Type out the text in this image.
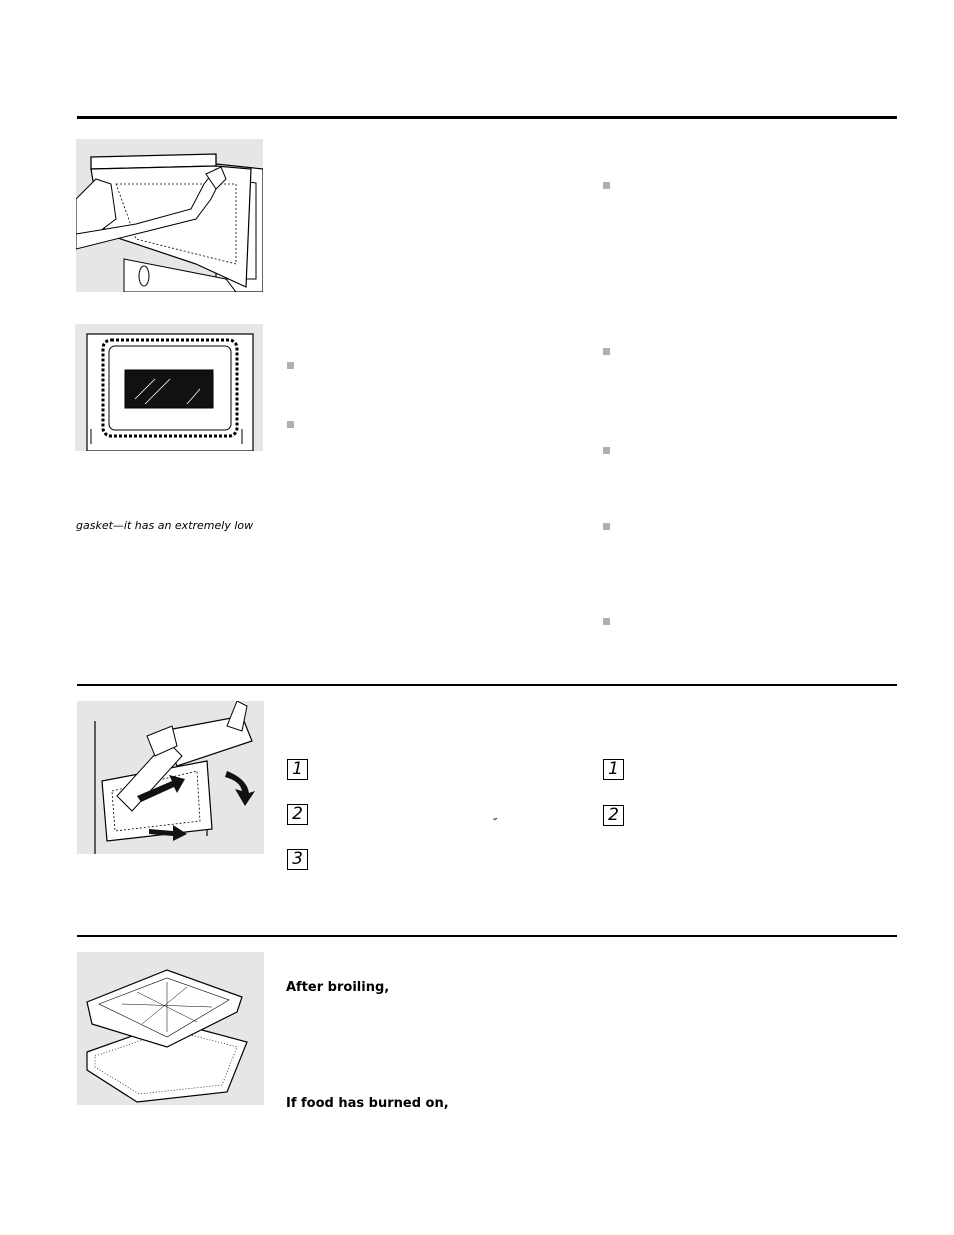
gasket—it has an extremely low
1
2
3
1
2
″
After broiling,
If food has burned on,
